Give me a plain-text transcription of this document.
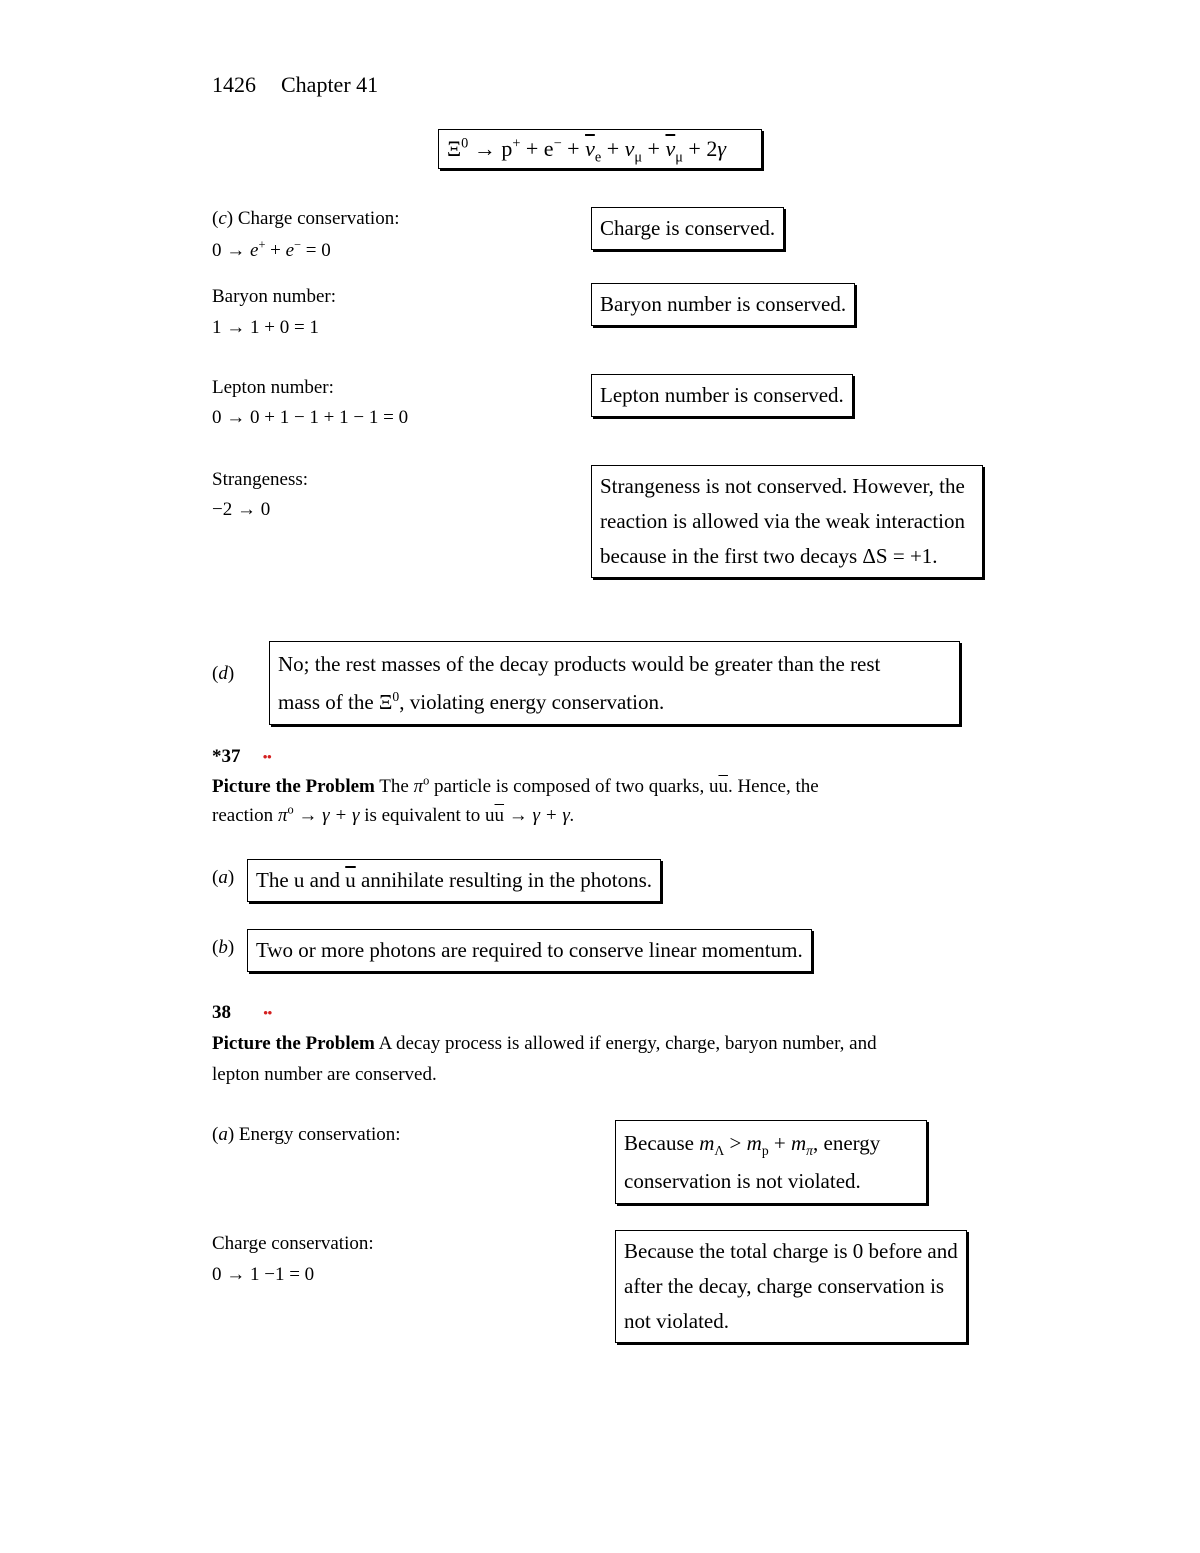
1426 Chapter 41
$\Xi^0 \to p^+ + e^- + \overline{\nu}_e + \nu_\mu + \overline{\nu}_\mu + 2\gamma$
(c) Charge conservation:
0 → e+ + e− = 0
Charge is conserved.
Baryon number:
1 → 1 + 0 = 1
Baryon number is conserved.
Lepton number:
0 → 0 + 1 − 1 + 1 − 1 = 0
Lepton number is conserved.
Strangeness:
−2 → 0
Strangeness is not conserved. However, the reaction is allowed via the weak interaction because in the first two decays ΔS = +1.
(d) No; the rest masses of the decay products would be greater than the rest
mass of the $\Xi^0$, violating energy conservation.
*37 ••
Picture the Problem The $\pi^o$ particle is composed of two quarks, $u\overline{u}$. Hence, the
reaction $\pi^o \to \gamma + \gamma$ is equivalent to $u\overline{u} \to \gamma + \gamma$.
(a)	The u and $\overline{u}$ annihilate resulting in the photons.
(b)	Two or more photons are required to conserve linear momentum.
38 ••
Picture the Problem A decay process is allowed if energy, charge, baryon number, and
lepton number are conserved.
(a) Energy conservation:	Because $m_\Lambda > m_p + m_\pi$, energy
conservation is not violated.
Charge conservation:
0 → 1 −1 = 0
Because the total charge is 0 before and after the decay, charge conservation is not violated.
